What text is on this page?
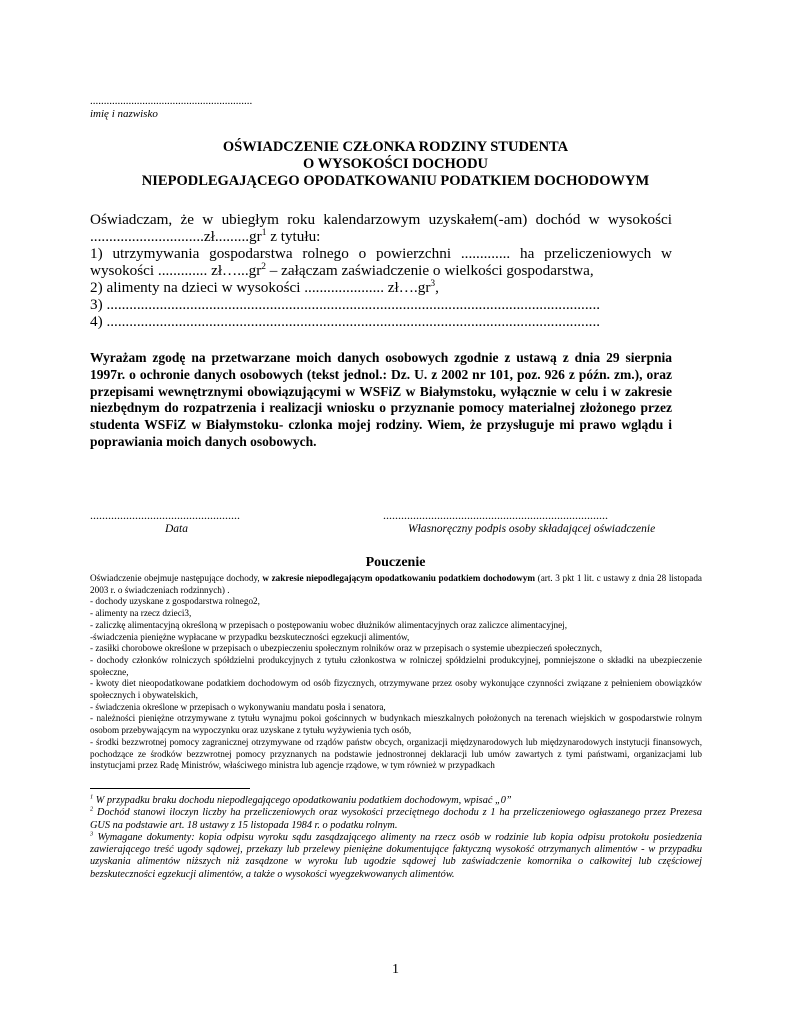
...........................................................
imię i nazwisko
OŚWIADCZENIE CZŁONKA RODZINY STUDENTA
O WYSOKOŚCI DOCHODU
NIEPODLEGAJĄCEGO OPODATKOWANIU PODATKIEM DOCHODOWYM
Oświadczam, że w ubiegłym roku kalendarzowym uzyskałem(-am) dochód w wysokości
$..............................zł.........gr^1$ z tytułu:
1) utrzymywania gospodarstwa rolnego o powierzchni ............. ha przeliczeniowych w
wysokości ............. $zł\dots...gr^2$ – załączam zaświadczenie o wielkości gospodarstwa,
2) alimenty na dzieci w wysokości ..................... $zł\dots.gr^3$,
3) ..................................................................................................................................
4) ..................................................................................................................................
Wyrażam zgodę na przetwarzane moich danych osobowych zgodnie z ustawą z dnia 29 sierpnia 1997r. o ochronie danych osobowych (tekst jednol.: Dz. U. z 2002 nr 101, poz. 926 z późn. zm.), oraz przepisami wewnętrznymi obowiązującymi w WSFiZ w Białymstoku, wyłącznie w celu i w zakresie niezbędnym do rozpatrzenia i realizacji wniosku o przyznanie pomocy materialnej złożonego przez studenta WSFiZ w Białymstoku- czlonka mojej rodziny. Wiem, że przysługuje mi prawo wglądu i poprawiania moich danych osobowych.
..................................................	...........................................................................
Data	Własnoręczny podpis osoby składającej oświadczenie
Pouczenie

Oświadczenie obejmuje następujące dochody, w zakresie niepodlegającym opodatkowaniu podatkiem dochodowym (art. 3 pkt 1 lit. c ustawy z dnia 28 listopada 2003 r. o świadczeniach rodzinnych) .

- dochody uzyskane z gospodarstwa rolnego2,

- alimenty na rzecz dzieci3,

- zaliczkę alimentacyjną określoną w przepisach o postępowaniu wobec dłużników alimentacyjnych oraz zaliczce alimentacyjnej,

-świadczenia pieniężne wypłacane w przypadku bezskuteczności egzekucji alimentów,

- zasiłki chorobowe określone w przepisach o ubezpieczeniu społecznym rolników oraz w przepisach o systemie ubezpieczeń społecznych,

- dochody członków rolniczych spółdzielni produkcyjnych z tytułu członkostwa w rolniczej spółdzielni produkcyjnej, pomniejszone o składki na ubezpieczenie społeczne,

- kwoty diet nieopodatkowane podatkiem dochodowym od osób fizycznych, otrzymywane przez osoby wykonujące czynności związane z pełnieniem obowiązków społecznych i obywatelskich,

- świadczenia określone w przepisach o wykonywaniu mandatu posła i senatora,

- należności pieniężne otrzymywane z tytułu wynajmu pokoi gościnnych w budynkach mieszkalnych położonych na terenach wiejskich w gospodarstwie rolnym osobom przebywającym na wypoczynku oraz uzyskane z tytułu wyżywienia tych osób,

- środki bezzwrotnej pomocy zagranicznej otrzymywane od rządów państw obcych, organizacji międzynarodowych lub międzynarodowych instytucji finansowych, pochodzące ze środków bezzwrotnej pomocy przyznanych na podstawie jednostronnej deklaracji lub umów zawartych z tymi państwami, organizacjami lub instytucjami przez Radę Ministrów, właściwego ministra lub agencje rządowe, w tym również w przypadkach

$^1$ W przypadku braku dochodu niepodlegającego opodatkowaniu podatkiem dochodowym, wpisać „0”

$^2$ Dochód stanowi iloczyn liczby ha przeliczeniowych oraz wysokości przeciętnego dochodu z 1 ha przeliczeniowego ogłaszanego przez Prezesa GUS na podstawie art. 18 ustawy z 15 listopada 1984 r. o podatku rolnym.

$^3$ Wymagane dokumenty: kopia odpisu wyroku sądu zasądzającego alimenty na rzecz osób w rodzinie lub kopia odpisu protokołu posiedzenia zawierającego treść ugody sądowej, przekazy lub przelewy pieniężne dokumentujące faktyczną wysokość otrzymanych alimentów - w przypadku uzyskania alimentów niższych niż zasądzone w wyroku lub ugodzie sądowej lub zaświadczenie komornika o całkowitej lub częściowej bezskuteczności egzekucji alimentów, a także o wysokości wyegzekwowanych alimentów.

1
